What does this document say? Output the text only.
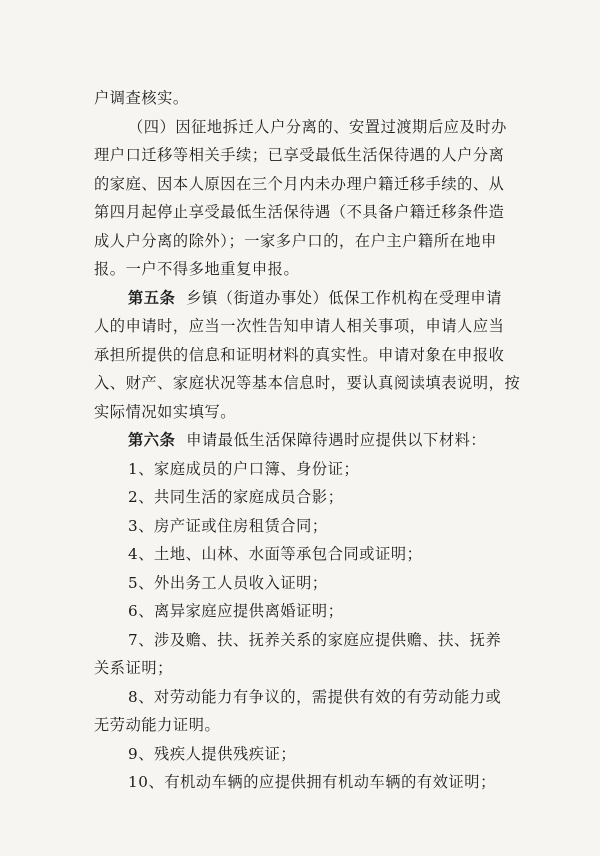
户调查核实。
（四）因征地拆迁人户分离的、安置过渡期后应及时办
理户口迁移等相关手续；已享受最低生活保待遇的人户分离
的家庭、因本人原因在三个月内未办理户籍迁移手续的、从
第四月起停止享受最低生活保待遇（不具备户籍迁移条件造
成人户分离的除外）；一家多户口的，在户主户籍所在地申
报。一户不得多地重复申报。
第五条 乡镇（街道办事处）低保工作机构在受理申请
人的申请时，应当一次性告知申请人相关事项，申请人应当
承担所提供的信息和证明材料的真实性。申请对象在申报收
入、财产、家庭状况等基本信息时，要认真阅读填表说明，按
实际情况如实填写。
第六条 申请最低生活保障待遇时应提供以下材料：
1、家庭成员的户口簿、身份证；
2、共同生活的家庭成员合影；
3、房产证或住房租赁合同；
4、土地、山林、水面等承包合同或证明；
5、外出务工人员收入证明；
6、离异家庭应提供离婚证明；
7、涉及赡、扶、抚养关系的家庭应提供赡、扶、抚养
关系证明；
8、对劳动能力有争议的，需提供有效的有劳动能力或
无劳动能力证明。
9、残疾人提供残疾证；
10、有机动车辆的应提供拥有机动车辆的有效证明；
